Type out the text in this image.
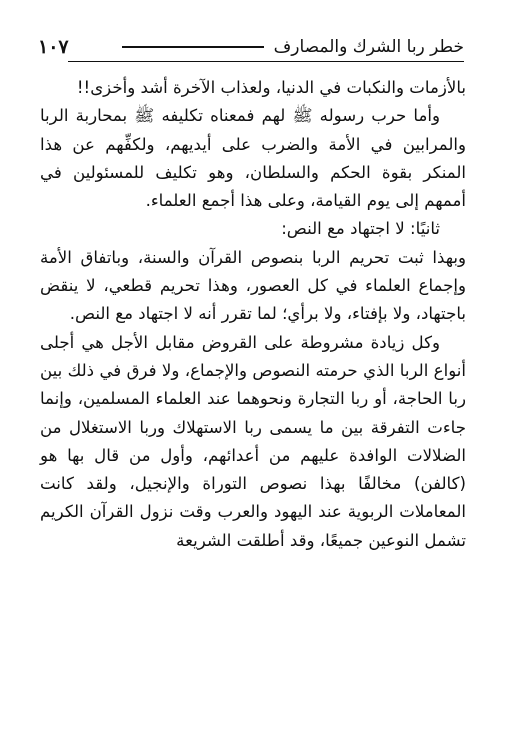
١٠٧	خطر ربا الشرك والمصارف

بالأزمات والنكبات في الدنيا، ولعذاب الآخرة أشد وأخزى!!

وأما حرب رسوله ﷺ لهم فمعناه تكليفه ﷺ بمحاربة الربا والمرابين في الأمة والضرب على أيديهم، ولكفِّهم عن هذا المنكر بقوة الحكم والسلطان، وهو تكليف للمسئولين في أممهم إلى يوم القيامة، وعلى هذا أجمع العلماء.

ثانيًا: لا اجتهاد مع النص:

وبهذا ثبت تحريم الربا بنصوص القرآن والسنة، وباتفاق الأمة وإجماع العلماء في كل العصور، وهذا تحريم قطعي، لا ينقض باجتهاد، ولا بإفتاء، ولا برأي؛ لما تقرر أنه لا اجتهاد مع النص.

وكل زيادة مشروطة على القروض مقابل الأجل هي أجلى أنواع الربا الذي حرمته النصوص والإجماع، ولا فرق في ذلك بين ربا الحاجة، أو ربا التجارة ونحوهما عند العلماء المسلمين، وإنما جاءت التفرقة بين ما يسمى ربا الاستهلاك وربا الاستغلال من الضلالات الوافدة عليهم من أعدائهم، وأول من قال بها هو (كالفن) مخالفًا بهذا نصوص التوراة والإنجيل، ولقد كانت المعاملات الربوية عند اليهود والعرب وقت نزول القرآن الكريم تشمل النوعين جميعًا، وقد أطلقت الشريعة
